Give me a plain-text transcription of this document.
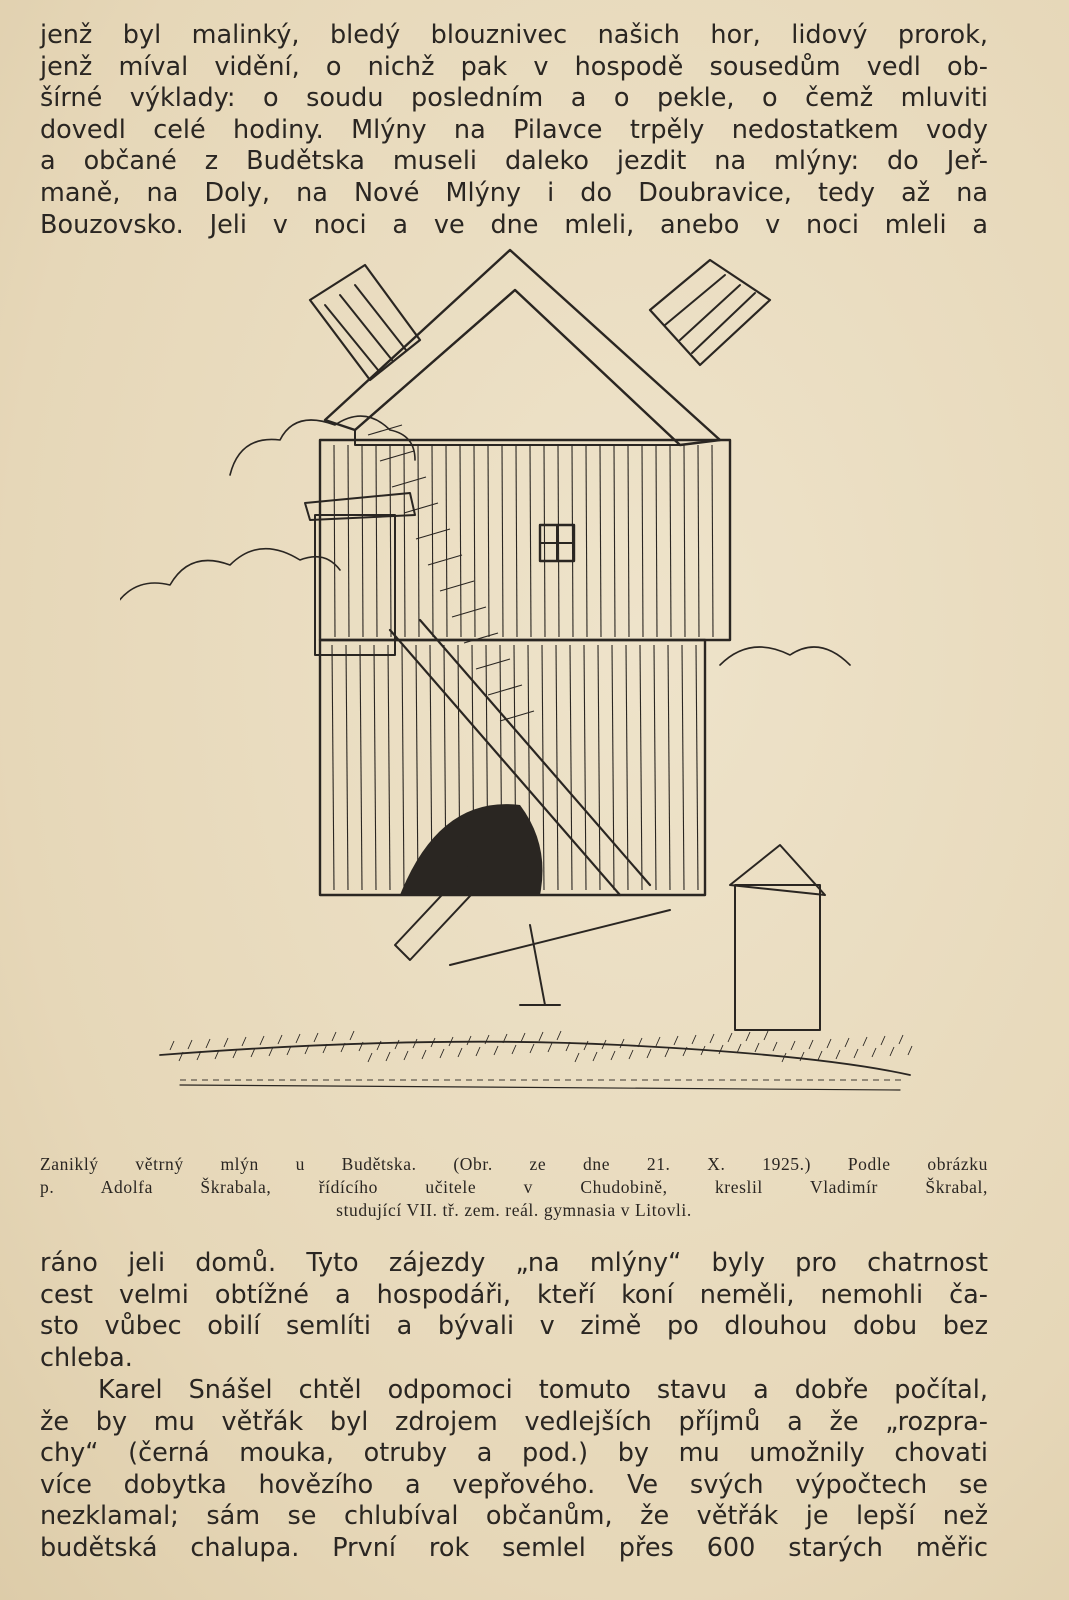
jenž byl malinký, bledý blouznivec našich hor, lidový prorok,
jenž míval vidění, o nichž pak v hospodě sousedům vedl ob-
šírné výklady: o soudu posledním a o pekle, o čemž mluviti
dovedl celé hodiny. Mlýny na Pilavce trpěly nedostatkem vody
a občané z Budětska museli daleko jezdit na mlýny: do Jeř-
maně, na Doly, na Nové Mlýny i do Doubravice, tedy až na
Bouzovsko. Jeli v noci a ve dne mleli, anebo v noci mleli a

Zaniklý větrný mlýn u Budětska. (Obr. ze dne 21. X. 1925.) Podle obrázku
p. Adolfa Škrabala, řídícího učitele v Chudobině, kreslil Vladimír Škrabal,
studující VII. tř. zem. reál. gymnasia v Litovli.

ráno jeli domů. Tyto zájezdy „na mlýny“ byly pro chatrnost
cest velmi obtížné a hospodáři, kteří koní neměli, nemohli ča-
sto vůbec obilí semlíti a bývali v zimě po dlouhou dobu bez
chleba.

Karel Snášel chtěl odpomoci tomuto stavu a dobře počítal,
že by mu větřák byl zdrojem vedlejších příjmů a že „rozpra-
chy“ (černá mouka, otruby a pod.) by mu umožnily chovati
více dobytka hovězího a vepřového. Ve svých výpočtech se
nezklamal; sám se chlubíval občanům, že větřák je lepší než
budětská chalupa. První rok semlel přes 600 starých měřic
